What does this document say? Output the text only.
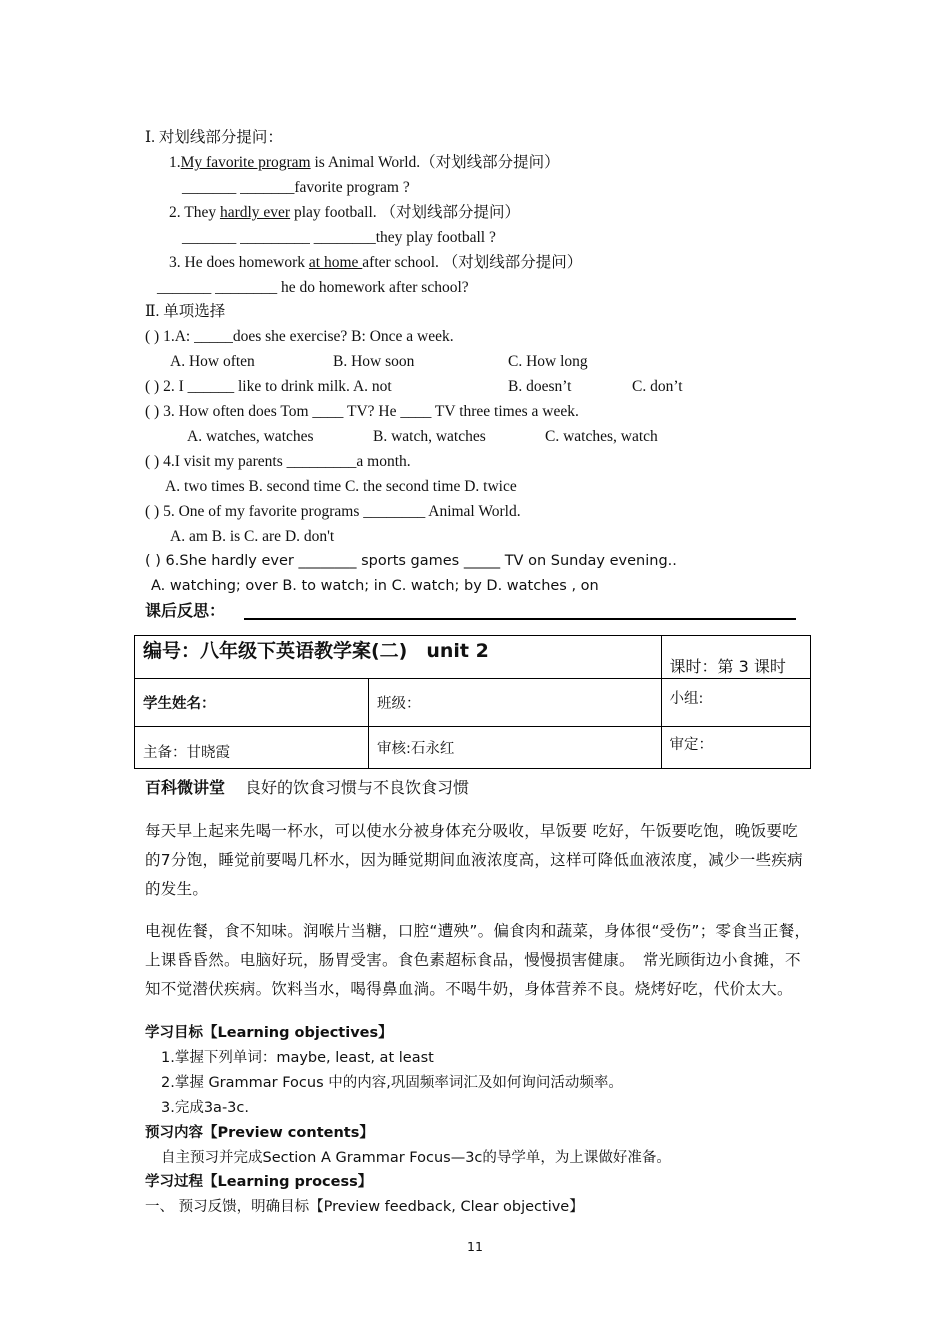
Ⅰ. 对划线部分提问：
1.My favorite program is Animal World.（对划线部分提问）
_______ _______favorite program ?
2. They hardly ever play football. （对划线部分提问）
_______ _________ ________they play football ?
3. He does homework at home after school. （对划线部分提问）
_______ ________ he do homework after school?
Ⅱ. 单项选择
( ) 1.A: _____does she exercise? B: Once a week.
A. How often	B. How soon	C. How long
( ) 2. I ______ like to drink milk. A. not	B. doesn’t	C. don’t
( ) 3. How often does Tom ____ TV? He ____ TV three times a week.
A. watches, watches	B. watch, watches	C. watches, watch
( ) 4.I visit my parents _________a month.
A. two times B. second time C. the second time D. twice
( ) 5. One of my favorite programs ________ Animal World.
A. am B. is C. are D. don't
( ) 6.She hardly ever ________ sports games _____ TV on Sunday evening..
A. watching; over B. to watch; in C. watch; by D. watches , on
课后反思：
编号：八年级下英语教学案(二)　unit 2		课时：第 3 课时

学生姓名：	班级：	小组:
主备：甘晓霞	审核:石永红	审定：
百科微讲堂 良好的饮食习惯与不良饮食习惯
每天早上起来先喝一杯水，可以使水分被身体充分吸收，早饭要 吃好，午饭要吃饱，晚饭要吃的7分饱，睡觉前要喝几杯水，因为睡觉期间血液浓度高，这样可降低血液浓度，减少一些疾病的发生。
电视佐餐，食不知味。润喉片当糖，口腔“遭殃”。偏食肉和蔬菜，身体很“受伤”；零食当正餐，上课昏昏然。电脑好玩，肠胃受害。食色素超标食品，慢慢损害健康。　常光顾街边小食摊，不知不觉潜伏疾病。饮料当水，喝得鼻血淌。不喝牛奶，身体营养不良。烧烤好吃，代价太大。
学习目标【Learning objectives】
1.掌握下列单词：maybe, least, at least
2.掌握 Grammar Focus 中的内容,巩固频率词汇及如何询问活动频率。
3.完成3a-3c.
预习内容【Preview contents】
自主预习并完成Section A Grammar Focus—3c的导学单，为上课做好准备。
学习过程【Learning process】
一、 预习反馈，明确目标【Preview feedback, Clear objective】
11
